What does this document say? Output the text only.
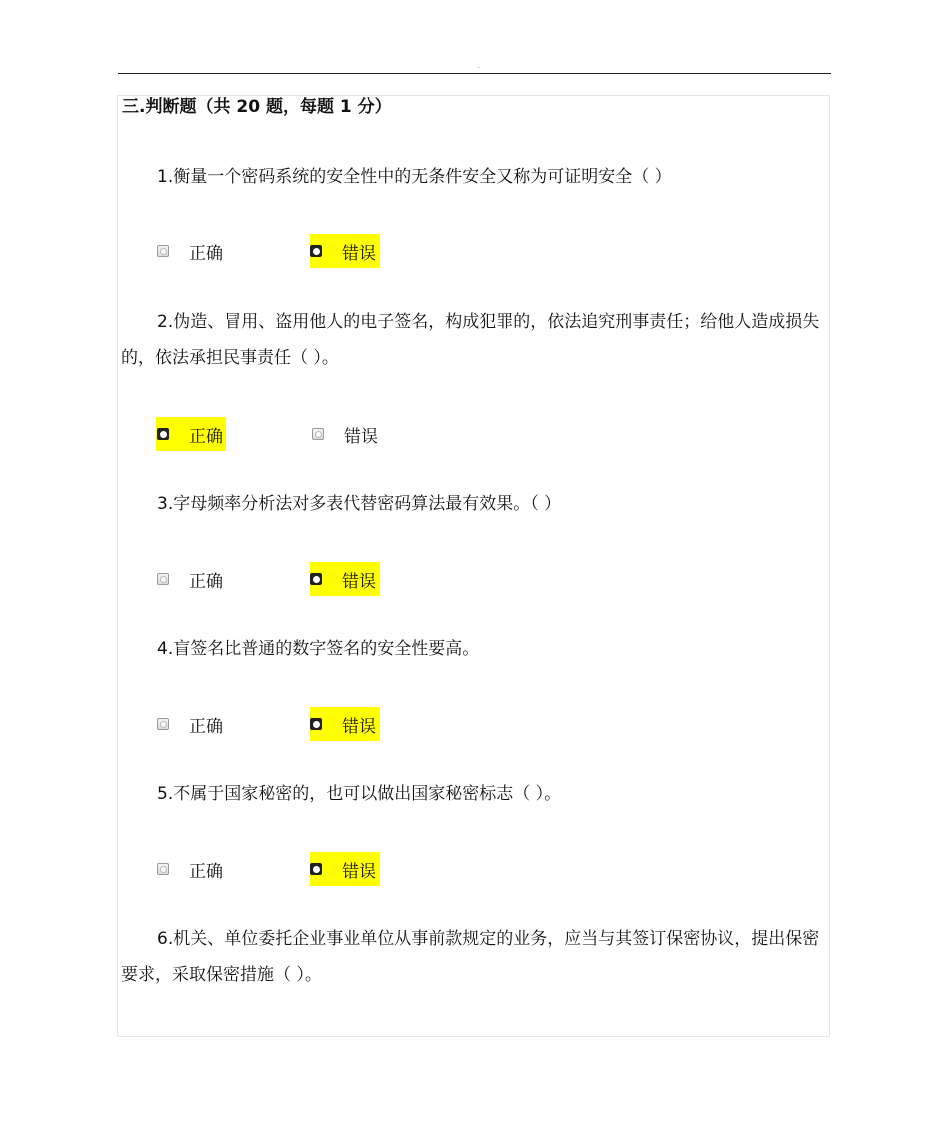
.
三.判断题（共 20 题，每题 1 分）
1.衡量一个密码系统的安全性中的无条件安全又称为可证明安全（ ）
正确	错误
2.伪造、冒用、盗用他人的电子签名，构成犯罪的，依法追究刑事责任；给他人造成损失的，依法承担民事责任（ ）。
正确	错误
3.字母频率分析法对多表代替密码算法最有效果。（ ）
正确	错误
4.盲签名比普通的数字签名的安全性要高。
正确	错误
5.不属于国家秘密的，也可以做出国家秘密标志（ ）。
正确	错误
6.机关、单位委托企业事业单位从事前款规定的业务，应当与其签订保密协议，提出保密要求，采取保密措施（ ）。
